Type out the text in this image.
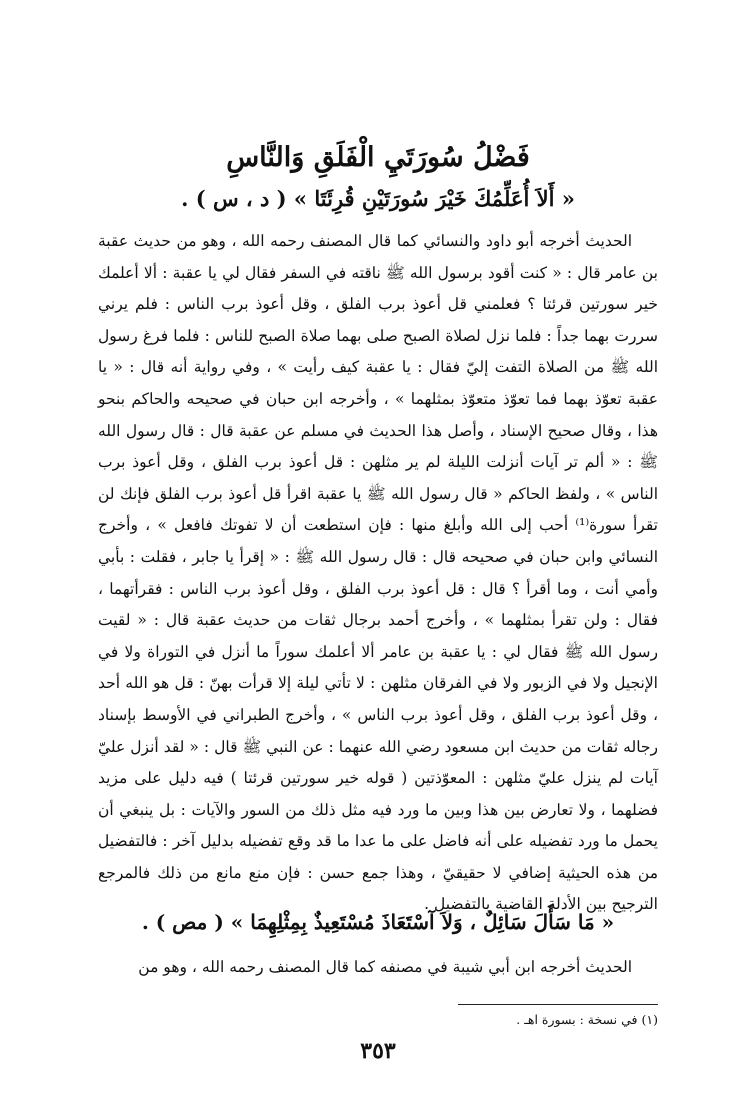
فَضْلُ سُورَتَيِ الْفَلَقِ وَالنَّاسِ
« أَلاَ أُعَلِّمُكَ خَيْرَ سُورَتَيْنِ قُرِئَتَا » ( د ، س ) .

الحديث أخرجه أبو داود والنسائي كما قال المصنف رحمه الله ، وهو من حديث عقبة بن عامر قال : « كنت أقود برسول الله ﷺ ناقته في السفر فقال لي يا عقبة : ألا أعلمك خير سورتين قرئتا ؟ فعلمني قل أعوذ برب الفلق ، وقل أعوذ برب الناس : فلم يرني سررت بهما جداً : فلما نزل لصلاة الصبح صلى بهما صلاة الصبح للناس : فلما فرغ رسول الله ﷺ من الصلاة التفت إليّ فقال : يا عقبة كيف رأيت » ، وفي رواية أنه قال : « يا عقبة تعوّذ بهما فما تعوّذ متعوّذ بمثلهما » ، وأخرجه ابن حبان في صحيحه والحاكم بنحو هذا ، وقال صحيح الإسناد ، وأصل هذا الحديث في مسلم عن عقبة قال : قال رسول الله ﷺ : « ألم تر آيات أنزلت الليلة لم ير مثلهن : قل أعوذ برب الفلق ، وقل أعوذ برب الناس » ، ولفظ الحاكم « قال رسول الله ﷺ يا عقبة اقرأ قل أعوذ برب الفلق فإنك لن تقرأ سورة⁽¹⁾ أحب إلى الله وأبلغ منها : فإن استطعت أن لا تفوتك فافعل » ، وأخرج النسائي وابن حبان في صحيحه قال : قال رسول الله ﷺ : « إقرأ يا جابر ، فقلت : بأبي وأمي أنت ، وما أقرأ ؟ قال : قل أعوذ برب الفلق ، وقل أعوذ برب الناس : فقرأتهما ، فقال : ولن تقرأ بمثلهما » ، وأخرج أحمد برجال ثقات من حديث عقبة قال : « لقيت رسول الله ﷺ فقال لي : يا عقبة بن عامر ألا أعلمك سوراً ما أنزل في التوراة ولا في الإنجيل ولا في الزبور ولا في الفرقان مثلهن : لا تأتي ليلة إلا قرأت بهنّ : قل هو الله أحد ، وقل أعوذ برب الفلق ، وقل أعوذ برب الناس » ، وأخرج الطبراني في الأوسط بإسناد رجاله ثقات من حديث ابن مسعود رضي الله عنهما : عن النبي ﷺ قال : « لقد أنزل عليّ آيات لم ينزل عليّ مثلهن : المعوّذتين ( قوله خير سورتين قرئتا ) فيه دليل على مزيد فضلهما ، ولا تعارض بين هذا وبين ما ورد فيه مثل ذلك من السور والآيات : بل ينبغي أن يحمل ما ورد تفضيله على أنه فاضل على ما عدا ما قد وقع تفضيله بدليل آخر : فالتفضيل من هذه الحيثية إضافي لا حقيقيّ ، وهذا جمع حسن : فإن منع مانع من ذلك فالمرجع الترجيح بين الأدلة القاضية بالتفضيل .

« مَا سَأَلَ سَائِلٌ ، وَلاَ آسْتَعَاذَ مُسْتَعِيذٌ بِمِثْلِهِمَا » ( مص ) .
الحديث أخرجه ابن أبي شيبة في مصنفه كما قال المصنف رحمه الله ، وهو من
(١) في نسخة : بسورة اهـ .
٣٥٣
